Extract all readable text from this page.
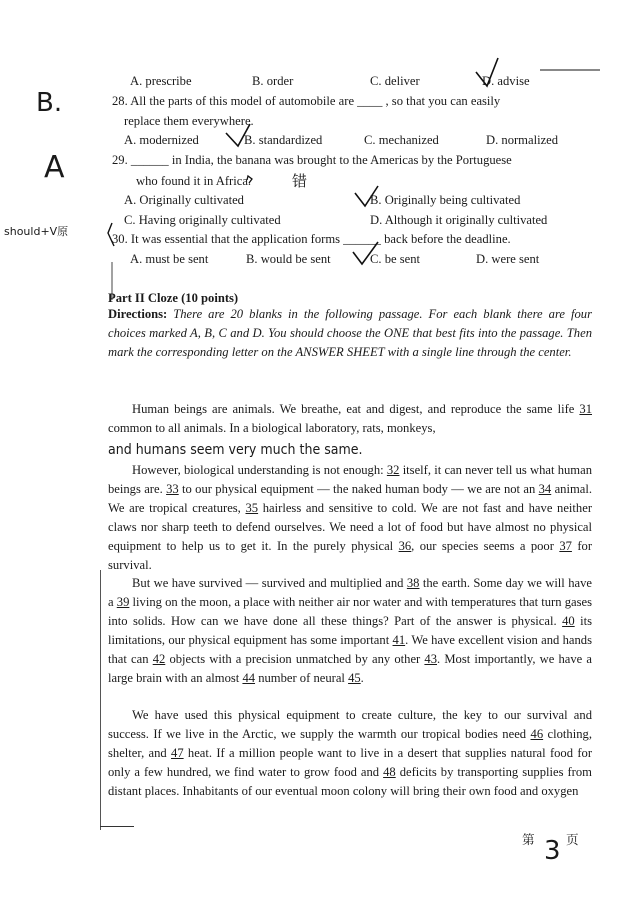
B.
A
should+V原
错
A. prescribe	B. order	C. deliver	D. advise
28. All the parts of this model of automobile are ____ , so that you can easily
replace them everywhere.
A. modernized	B. standardized	C. mechanized	D. normalized
29. ______ in India, the banana was brought to the Americas by the Portuguese
who found it in Africa.
A. Originally cultivated	B. Originally being cultivated
C. Having originally cultivated	D. Although it originally cultivated
30. It was essential that the application forms ______ back before the deadline.
A. must be sent	B. would be sent	C. be sent	D. were sent
Part II Cloze (10 points)
Directions: There are 20 blanks in the following passage. For each blank there are four choices marked A, B, C and D. You should choose the ONE that best fits into the passage. Then mark the corresponding letter on the ANSWER SHEET with a single line through the center.
Human beings are animals. We breathe, eat and digest, and reproduce the same life 31 common to all animals. In a biological laboratory, rats, monkeys,
and humans seem very much the same.
However, biological understanding is not enough: 32 itself, it can never tell us what human beings are. 33 to our physical equipment — the naked human body — we are not an 34 animal. We are tropical creatures, 35 hairless and sensitive to cold. We are not fast and have neither claws nor sharp teeth to defend ourselves. We need a lot of food but have almost no physical equipment to help us to get it. In the purely physical 36, our species seems a poor 37 for survival.
But we have survived — survived and multiplied and 38 the earth. Some day we will have a 39 living on the moon, a place with neither air nor water and with temperatures that turn gases into solids. How can we have done all these things? Part of the answer is physical. 40 its limitations, our physical equipment has some important 41. We have excellent vision and hands that can 42 objects with a precision unmatched by any other 43. Most importantly, we have a large brain with an almost 44 number of neural 45.
We have used this physical equipment to create culture, the key to our survival and success. If we live in the Arctic, we supply the warmth our tropical bodies need 46 clothing, shelter, and 47 heat. If a million people want to live in a desert that supplies natural food for only a few hundred, we find water to grow food and 48 deficits by transporting supplies from distant places. Inhabitants of our eventual moon colony will bring their own food and oxygen
第 3 页
